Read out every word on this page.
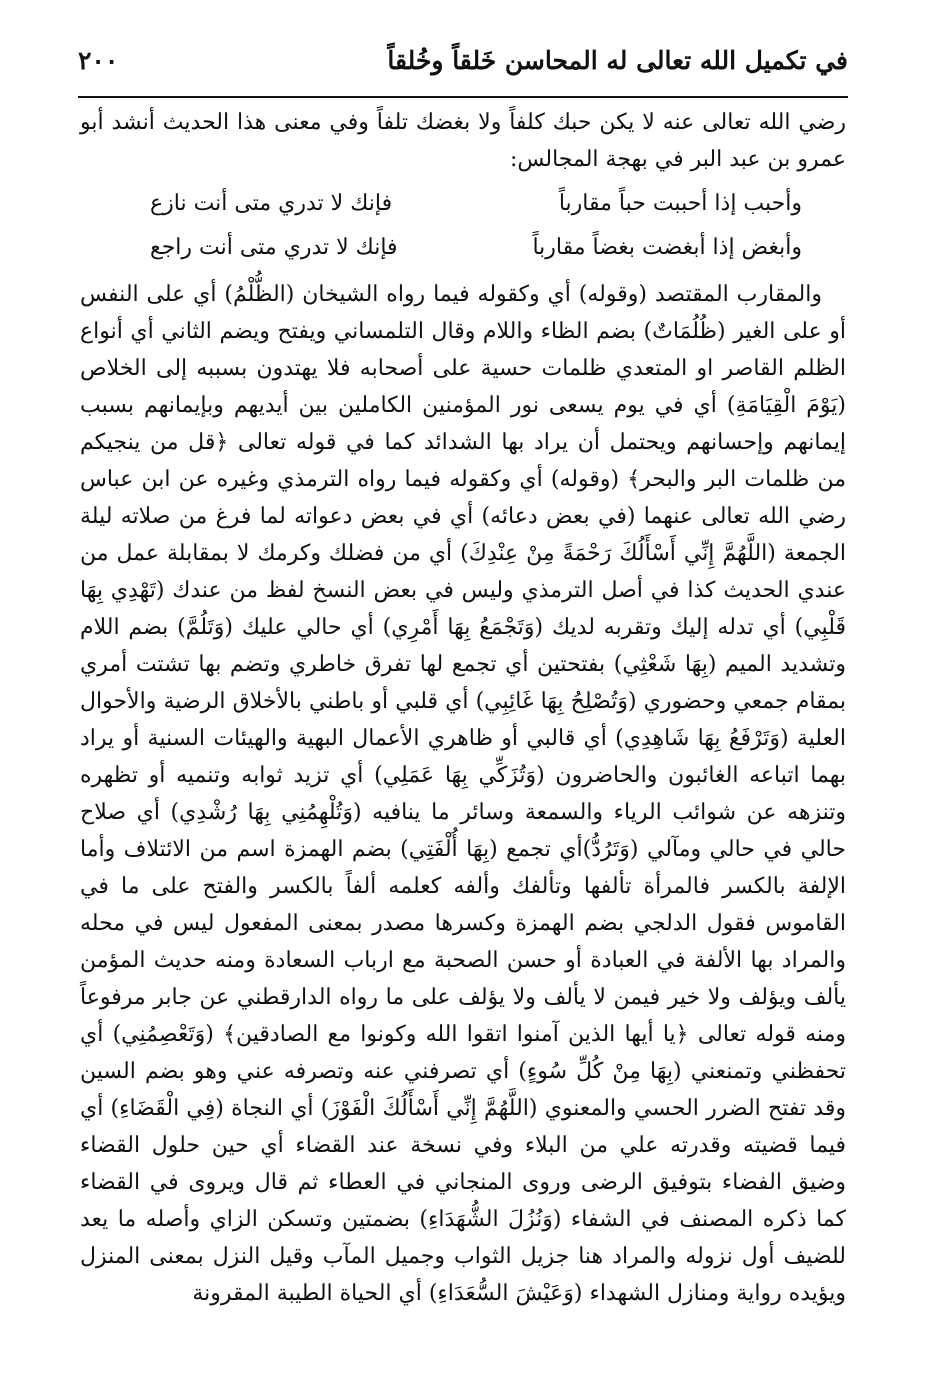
في تكميل الله تعالى له المحاسن خَلقاً وخُلقاً
٢٠٠

رضي الله تعالى عنه لا يكن حبك كلفاً ولا بغضك تلفاً وفي معنى هذا الحديث أنشد أبو عمرو بن عبد البر في بهجة المجالس:

وأحبب إذا أحببت حباً مقارباً
فإنك لا تدري متى أنت نازع
وأبغض إذا أبغضت بغضاً مقارباً
فإنك لا تدري متى أنت راجع

والمقارب المقتصد (وقوله) أي وكقوله فيما رواه الشيخان (الظُّلْمُ) أي على النفس أو على الغير (ظُلُمَاتٌ) بضم الظاء واللام وقال التلمساني ويفتح ويضم الثاني أي أنواع الظلم القاصر او المتعدي ظلمات حسية على أصحابه فلا يهتدون بسببه إلى الخلاص (يَوْمَ الْقِيَامَةِ) أي في يوم يسعى نور المؤمنين الكاملين بين أيديهم وبإيمانهم بسبب إيمانهم وإحسانهم ويحتمل أن يراد بها الشدائد كما في قوله تعالى ﴿قل من ينجيكم من ظلمات البر والبحر﴾ (وقوله) أي وكقوله فيما رواه الترمذي وغيره عن ابن عباس رضي الله تعالى عنهما (في بعض دعائه) أي في بعض دعواته لما فرغ من صلاته ليلة الجمعة (اللَّهُمَّ إِنِّي أَسْأَلُكَ رَحْمَةً مِنْ عِنْدِكَ) أي من فضلك وكرمك لا بمقابلة عمل من عندي الحديث كذا في أصل الترمذي وليس في بعض النسخ لفظ من عندك (تَهْدِي بِهَا قَلْبِي) أي تدله إليك وتقربه لديك (وَتَجْمَعُ بِهَا أَمْرِي) أي حالي عليك (وَتَلُمَّ) بضم اللام وتشديد الميم (بِهَا شَعْثِي) بفتحتين أي تجمع لها تفرق خاطري وتضم بها تشتت أمري بمقام جمعي وحضوري (وَتُصْلِحُ بِهَا غَائِبِي) أي قلبي أو باطني بالأخلاق الرضية والأحوال العلية (وَتَرْفَعُ بِهَا شَاهِدِي) أي قالبي أو ظاهري الأعمال البهية والهيئات السنية أو يراد بهما اتباعه الغائبون والحاضرون (وَتُزَكِّي بِهَا عَمَلِي) أي تزيد ثوابه وتنميه أو تظهره وتنزهه عن شوائب الرياء والسمعة وسائر ما ينافيه (وَتُلْهِمُنِي بِهَا رُشْدِي) أي صلاح حالي في حالي ومآلي (وَتَرُدُّ)أي تجمع (بِهَا أُلْفَتِي) بضم الهمزة اسم من الائتلاف وأما الإلفة بالكسر فالمرأة تألفها وتألفك وألفه كعلمه ألفاً بالكسر والفتح على ما في القاموس فقول الدلجي بضم الهمزة وكسرها مصدر بمعنى المفعول ليس في محله والمراد بها الألفة في العبادة أو حسن الصحبة مع ارباب السعادة ومنه حديث المؤمن يألف ويؤلف ولا خير فيمن لا يألف ولا يؤلف على ما رواه الدارقطني عن جابر مرفوعاً ومنه قوله تعالى ﴿يا أيها الذين آمنوا اتقوا الله وكونوا مع الصادقين﴾ (وَتَعْصِمُنِي) أي تحفظني وتمنعني (بِهَا مِنْ كُلِّ سُوءٍ) أي تصرفني عنه وتصرفه عني وهو بضم السين وقد تفتح الضرر الحسي والمعنوي (اللَّهُمَّ إِنِّي أَسْأَلُكَ الْفَوْزَ) أي النجاة (فِي الْقَضَاءِ) أي فيما قضيته وقدرته علي من البلاء وفي نسخة عند القضاء أي حين حلول القضاء وضيق الفضاء بتوفيق الرضى وروى المنجاني في العطاء ثم قال ويروى في القضاء كما ذكره المصنف في الشفاء (وَنُزُلَ الشُّهَدَاءِ) بضمتين وتسكن الزاي وأصله ما يعد للضيف أول نزوله والمراد هنا جزيل الثواب وجميل المآب وقيل النزل بمعنى المنزل ويؤيده رواية ومنازل الشهداء (وَعَيْشَ السُّعَدَاءِ) أي الحياة الطيبة المقرونة
